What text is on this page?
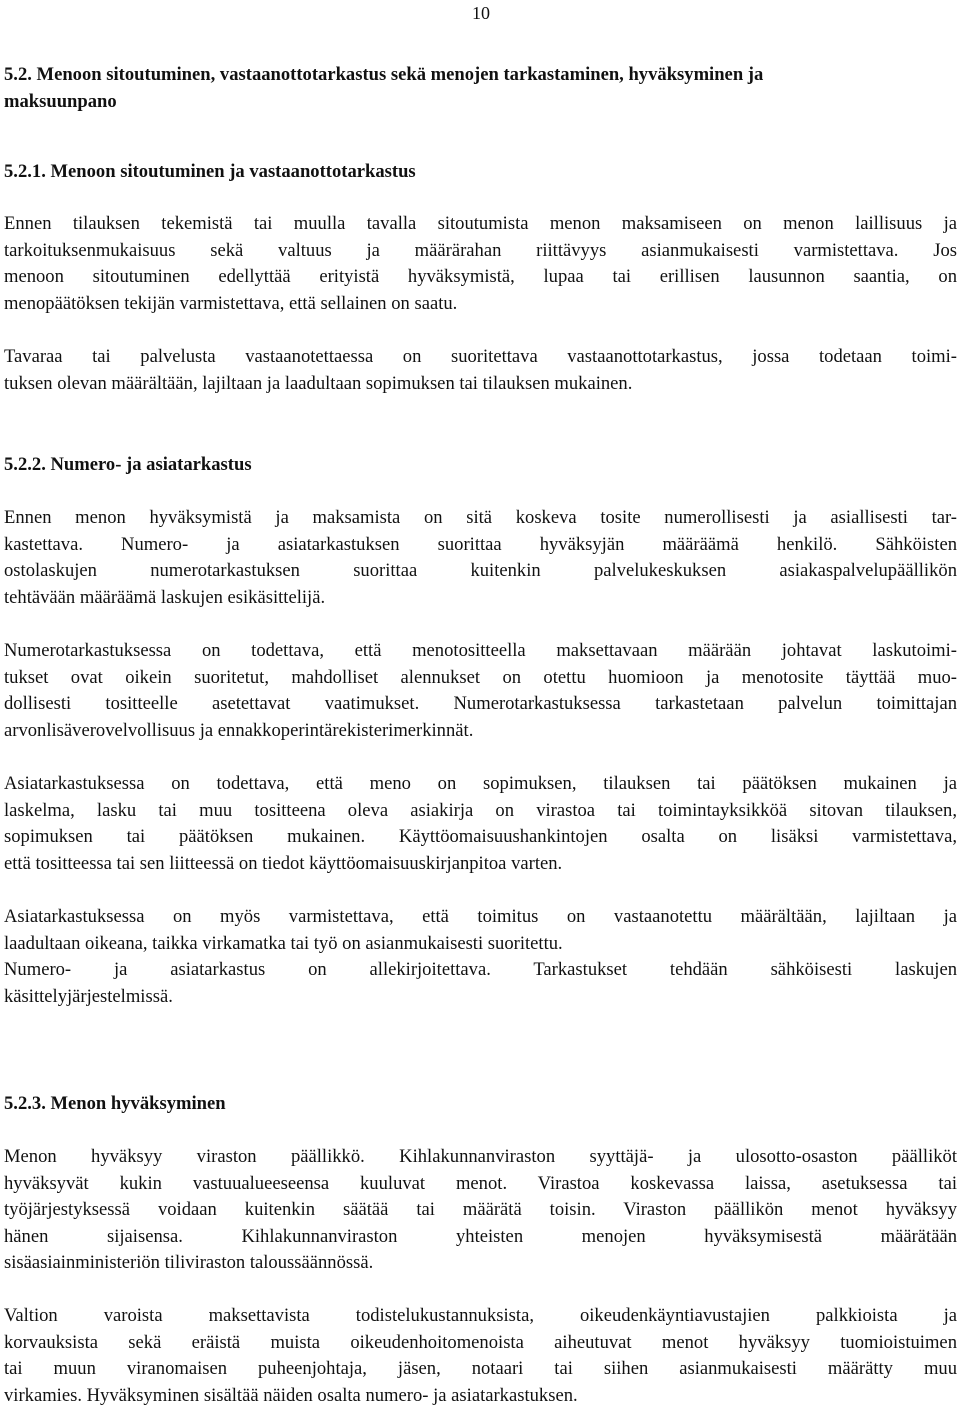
10
5.2. Menoon sitoutuminen, vastaanottotarkastus sekä menojen tarkastaminen, hyväksyminen ja
maksuunpano
5.2.1. Menoon sitoutuminen ja vastaanottotarkastus
Ennen tilauksen tekemistä tai muulla tavalla sitoutumista menon maksamiseen on menon laillisuus ja
tarkoituksenmukaisuus sekä valtuus ja määrärahan riittävyys asianmukaisesti varmistettava. Jos
menoon sitoutuminen edellyttää erityistä hyväksymistä, lupaa tai erillisen lausunnon saantia, on
menopäätöksen tekijän varmistettava, että sellainen on saatu.
Tavaraa tai palvelusta vastaanotettaessa on suoritettava vastaanottotarkastus, jossa todetaan toimi-
tuksen olevan määrältään, lajiltaan ja laadultaan sopimuksen tai tilauksen mukainen.
5.2.2. Numero- ja asiatarkastus
Ennen menon hyväksymistä ja maksamista on sitä koskeva tosite numerollisesti ja asiallisesti tar-
kastettava. Numero- ja asiatarkastuksen suorittaa hyväksyjän määräämä henkilö. Sähköisten
ostolaskujen numerotarkastuksen suorittaa kuitenkin palvelukeskuksen asiakaspalvelupäällikön
tehtävään määräämä laskujen esikäsittelijä.
Numerotarkastuksessa on todettava, että menotositteella maksettavaan määrään johtavat laskutoimi-
tukset ovat oikein suoritetut, mahdolliset alennukset on otettu huomioon ja menotosite täyttää muo-
dollisesti tositteelle asetettavat vaatimukset. Numerotarkastuksessa tarkastetaan palvelun toimittajan
arvonlisäverovelvollisuus ja ennakkoperintärekisterimerkinnät.
Asiatarkastuksessa on todettava, että meno on sopimuksen, tilauksen tai päätöksen mukainen ja
laskelma, lasku tai muu tositteena oleva asiakirja on virastoa tai toimintayksikköä sitovan tilauksen,
sopimuksen tai päätöksen mukainen. Käyttöomaisuushankintojen osalta on lisäksi varmistettava,
että tositteessa tai sen liitteessä on tiedot käyttöomaisuuskirjanpitoa varten.
Asiatarkastuksessa on myös varmistettava, että toimitus on vastaanotettu määrältään, lajiltaan ja
laadultaan oikeana, taikka virkamatka tai työ on asianmukaisesti suoritettu.
Numero- ja asiatarkastus on allekirjoitettava. Tarkastukset tehdään sähköisesti laskujen
käsittelyjärjestelmissä.
5.2.3. Menon hyväksyminen
Menon hyväksyy viraston päällikkö. Kihlakunnanviraston syyttäjä- ja ulosotto-osaston päälliköt
hyväksyvät kukin vastuualueeseensa kuuluvat menot. Virastoa koskevassa laissa, asetuksessa tai
työjärjestyksessä voidaan kuitenkin säätää tai määrätä toisin. Viraston päällikön menot hyväksyy
hänen sijaisensa. Kihlakunnanviraston yhteisten menojen hyväksymisestä määrätään
sisäasiainministeriön tiliviraston taloussäännössä.
Valtion varoista maksettavista todistelukustannuksista, oikeudenkäyntiavustajien palkkioista ja
korvauksista sekä eräistä muista oikeudenhoitomenoista aiheutuvat menot hyväksyy tuomioistuimen
tai muun viranomaisen puheenjohtaja, jäsen, notaari tai siihen asianmukaisesti määrätty muu
virkamies. Hyväksyminen sisältää näiden osalta numero- ja asiatarkastuksen.
